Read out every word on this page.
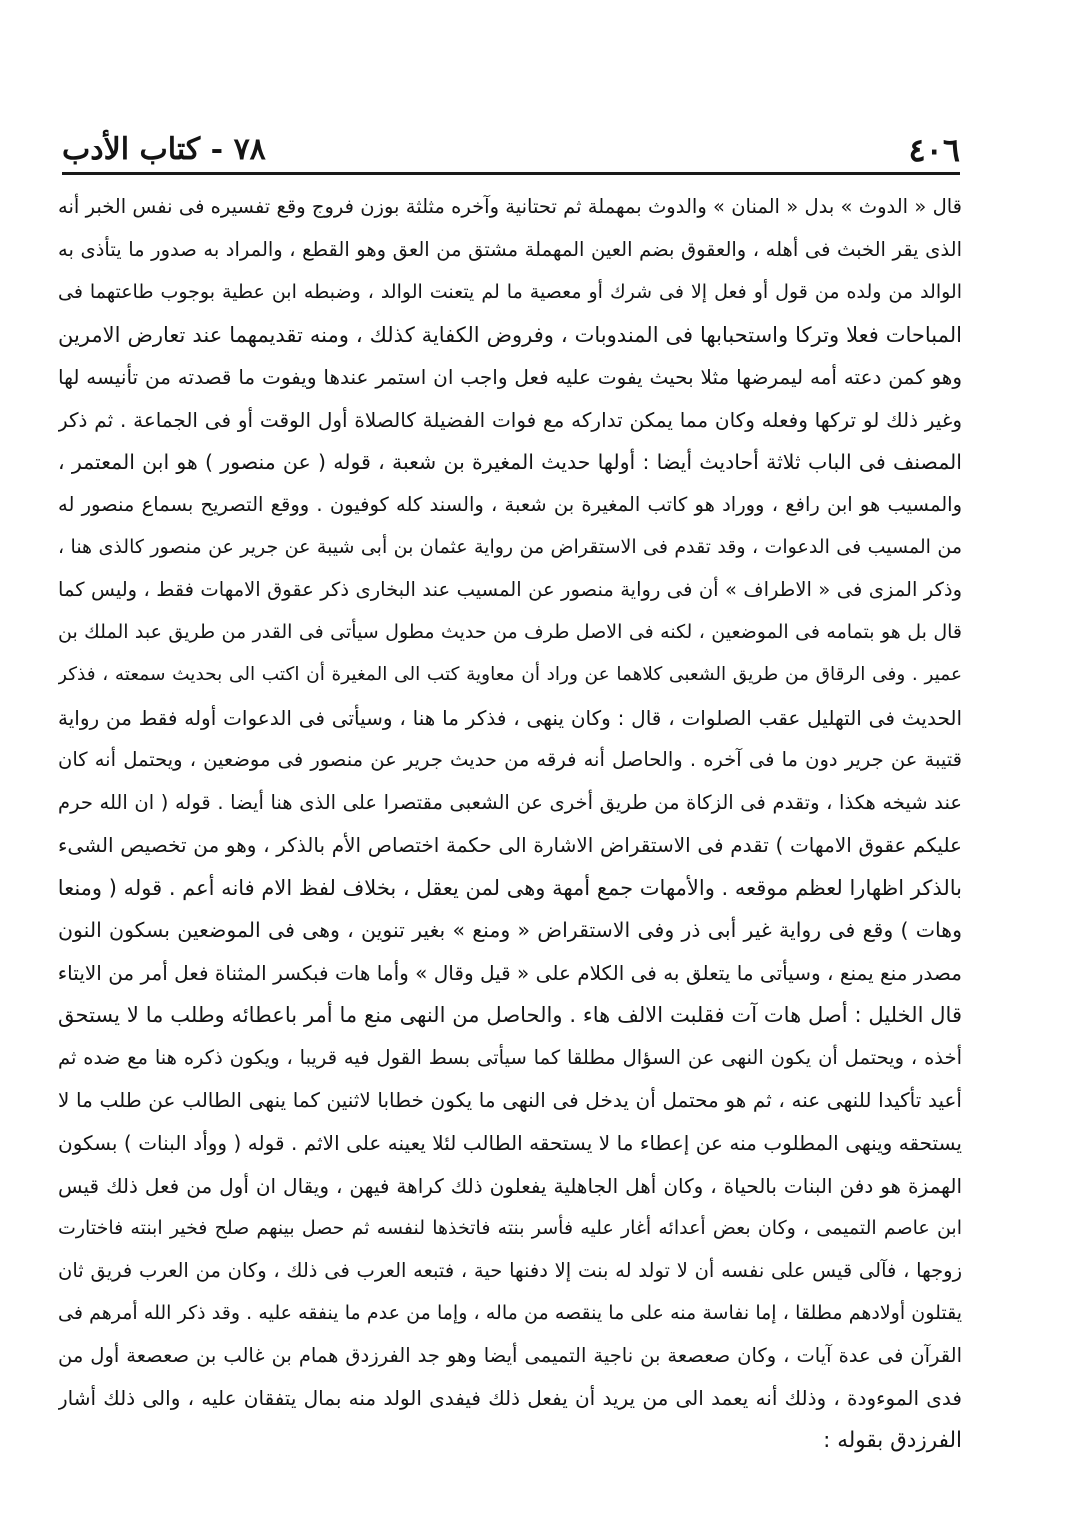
٤٠٦
٧٨ - كتاب الأدب
قال « الدوث » بدل « المنان » والدوث بمهملة ثم تحتانية وآخره مثلثة بوزن فروج وقع تفسيره فى نفس الخبر أنه
الذى يقر الخبث فى أهله ، والعقوق بضم العين المهملة مشتق من العق وهو القطع ، والمراد به صدور ما يتأذى به
الوالد من ولده من قول أو فعل إلا فى شرك أو معصية ما لم يتعنت الوالد ، وضبطه ابن عطية بوجوب طاعتهما فى
المباحات فعلا وتركا واستحبابها فى المندوبات ، وفروض الكفاية كذلك ، ومنه تقديمهما عند تعارض الامرين
وهو كمن دعته أمه ليمرضها مثلا بحيث يفوت عليه فعل واجب ان استمر عندها ويفوت ما قصدته من تأنيسه لها
وغير ذلك لو تركها وفعله وكان مما يمكن تداركه مع فوات الفضيلة كالصلاة أول الوقت أو فى الجماعة . ثم ذكر
المصنف فى الباب ثلاثة أحاديث أيضا : أولها حديث المغيرة بن شعبة ، قوله ( عن منصور ) هو ابن المعتمر ،
والمسيب هو ابن رافع ، ووراد هو كاتب المغيرة بن شعبة ، والسند كله كوفيون . ووقع التصريح بسماع منصور له
من المسيب فى الدعوات ، وقد تقدم فى الاستقراض من رواية عثمان بن أبى شيبة عن جرير عن منصور كالذى هنا ،
وذكر المزى فى « الاطراف » أن فى رواية منصور عن المسيب عند البخارى ذكر عقوق الامهات فقط ، وليس كما
قال بل هو بتمامه فى الموضعين ، لكنه فى الاصل طرف من حديث مطول سيأتى فى القدر من طريق عبد الملك بن
عمير . وفى الرقاق من طريق الشعبى كلاهما عن وراد أن معاوية كتب الى المغيرة أن اكتب الى بحديث سمعته ، فذكر
الحديث فى التهليل عقب الصلوات ، قال : وكان ينهى ، فذكر ما هنا ، وسيأتى فى الدعوات أوله فقط من رواية
قتيبة عن جرير دون ما فى آخره . والحاصل أنه فرقه من حديث جرير عن منصور فى موضعين ، ويحتمل أنه كان
عند شيخه هكذا ، وتقدم فى الزكاة من طريق أخرى عن الشعبى مقتصرا على الذى هنا أيضا . قوله ( ان الله حرم
عليكم عقوق الامهات ) تقدم فى الاستقراض الاشارة الى حكمة اختصاص الأم بالذكر ، وهو من تخصيص الشىء
بالذكر اظهارا لعظم موقعه . والأمهات جمع أمهة وهى لمن يعقل ، بخلاف لفظ الام فانه أعم . قوله ( ومنعا
وهات ) وقع فى رواية غير أبى ذر وفى الاستقراض « ومنع » بغير تنوين ، وهى فى الموضعين بسكون النون
مصدر منع يمنع ، وسيأتى ما يتعلق به فى الكلام على « قيل وقال » وأما هات فبكسر المثناة فعل أمر من الايتاء
قال الخليل : أصل هات آت فقلبت الالف هاء . والحاصل من النهى منع ما أمر باعطائه وطلب ما لا يستحق
أخذه ، ويحتمل أن يكون النهى عن السؤال مطلقا كما سيأتى بسط القول فيه قريبا ، ويكون ذكره هنا مع ضده ثم
أعيد تأكيدا للنهى عنه ، ثم هو محتمل أن يدخل فى النهى ما يكون خطابا لاثنين كما ينهى الطالب عن طلب ما لا
يستحقه وينهى المطلوب منه عن إعطاء ما لا يستحقه الطالب لئلا يعينه على الاثم . قوله ( ووأد البنات ) بسكون
الهمزة هو دفن البنات بالحياة ، وكان أهل الجاهلية يفعلون ذلك كراهة فيهن ، ويقال ان أول من فعل ذلك قيس
ابن عاصم التميمى ، وكان بعض أعدائه أغار عليه فأسر بنته فاتخذها لنفسه ثم حصل بينهم صلح فخير ابنته فاختارت
زوجها ، فآلى قيس على نفسه أن لا تولد له بنت إلا دفنها حية ، فتبعه العرب فى ذلك ، وكان من العرب فريق ثان
يقتلون أولادهم مطلقا ، إما نفاسة منه على ما ينقصه من ماله ، وإما من عدم ما ينفقه عليه . وقد ذكر الله أمرهم فى
القرآن فى عدة آيات ، وكان صعصعة بن ناجية التميمى أيضا وهو جد الفرزدق همام بن غالب بن صعصعة أول من
فدى الموءودة ، وذلك أنه يعمد الى من يريد أن يفعل ذلك فيفدى الولد منه بمال يتفقان عليه ، والى ذلك أشار
الفرزدق بقوله :
